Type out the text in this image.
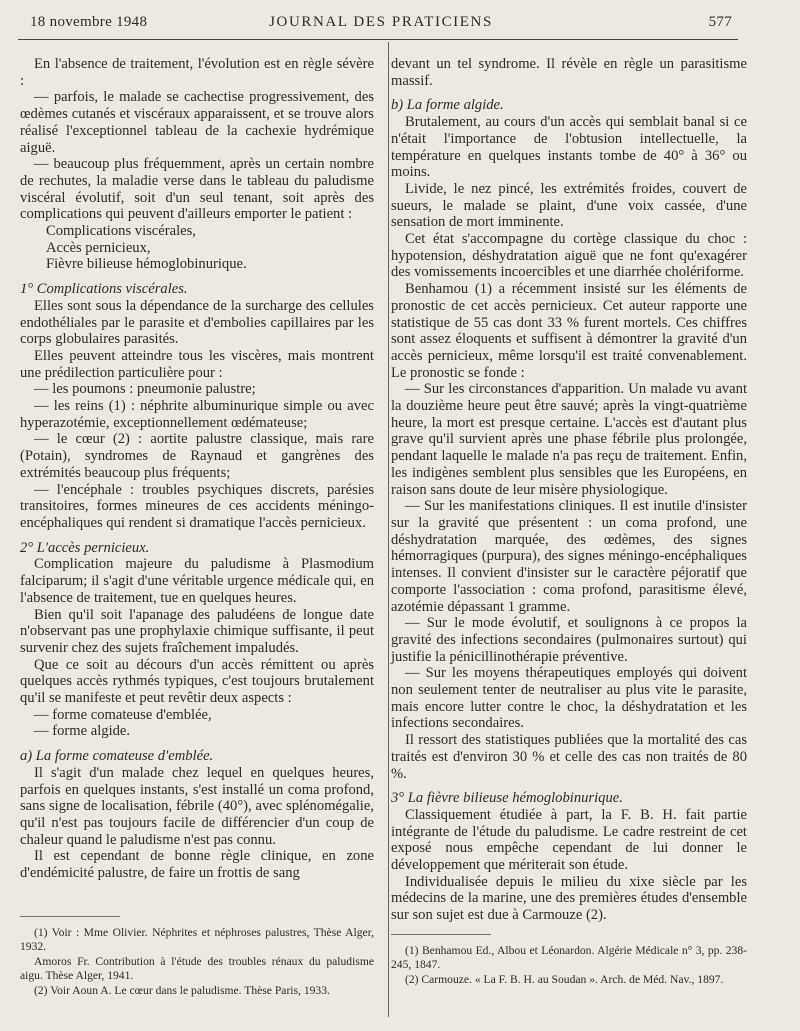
18 novembre 1948	JOURNAL DES PRATICIENS	577

En l'absence de traitement, l'évolution est en règle sévère :

— parfois, le malade se cachectise progressivement, des œdèmes cutanés et viscéraux apparaissent, et se trouve alors réalisé l'exceptionnel tableau de la cachexie hydrémique aiguë.

— beaucoup plus fréquemment, après un certain nombre de rechutes, la maladie verse dans le tableau du paludisme viscéral évolutif, soit d'un seul tenant, soit après des complications qui peuvent d'ailleurs emporter le patient :

Complications viscérales,

Accès pernicieux,

Fièvre bilieuse hémoglobinurique.

1° Complications viscérales.

Elles sont sous la dépendance de la surcharge des cellules endothéliales par le parasite et d'embolies capillaires par les corps globulaires parasités.

Elles peuvent atteindre tous les viscères, mais montrent une prédilection particulière pour :

— les poumons : pneumonie palustre;

— les reins (1) : néphrite albuminurique simple ou avec hyperazotémie, exceptionnellement œdémateuse;

— le cœur (2) : aortite palustre classique, mais rare (Potain), syndromes de Raynaud et gangrènes des extrémités beaucoup plus fréquents;

— l'encéphale : troubles psychiques discrets, parésies transitoires, formes mineures de ces accidents méningo-encéphaliques qui rendent si dramatique l'accès pernicieux.

2° L'accès pernicieux.

Complication majeure du paludisme à Plasmodium falciparum; il s'agit d'une véritable urgence médicale qui, en l'absence de traitement, tue en quelques heures.

Bien qu'il soit l'apanage des paludéens de longue date n'observant pas une prophylaxie chimique suffisante, il peut survenir chez des sujets fraîchement impaludés.

Que ce soit au décours d'un accès rémittent ou après quelques accès rythmés typiques, c'est toujours brutalement qu'il se manifeste et peut revêtir deux aspects :

— forme comateuse d'emblée,

— forme algide.

a) La forme comateuse d'emblée.

Il s'agit d'un malade chez lequel en quelques heures, parfois en quelques instants, s'est installé un coma profond, sans signe de localisation, fébrile (40°), avec splénomégalie, qu'il n'est pas toujours facile de différencier d'un coup de chaleur quand le paludisme n'est pas connu.

Il est cependant de bonne règle clinique, en zone d'endémicité palustre, de faire un frottis de sang

(1) Voir : Mme Olivier. Néphrites et néphroses palustres, Thèse Alger, 1932.

Amoros Fr. Contribution à l'étude des troubles rénaux du paludisme aigu. Thèse Alger, 1941.

(2) Voir Aoun A. Le cœur dans le paludisme. Thèse Paris, 1933.

devant un tel syndrome. Il révèle en règle un parasitisme massif.

b) La forme algide.

Brutalement, au cours d'un accès qui semblait banal si ce n'était l'importance de l'obtusion intellectuelle, la température en quelques instants tombe de 40° à 36° ou moins.

Livide, le nez pincé, les extrémités froides, couvert de sueurs, le malade se plaint, d'une voix cassée, d'une sensation de mort imminente.

Cet état s'accompagne du cortège classique du choc : hypotension, déshydratation aiguë que ne font qu'exagérer des vomissements incoercibles et une diarrhée cholériforme.

Benhamou (1) a récemment insisté sur les éléments de pronostic de cet accès pernicieux. Cet auteur rapporte une statistique de 55 cas dont 33 % furent mortels. Ces chiffres sont assez éloquents et suffisent à démontrer la gravité d'un accès pernicieux, même lorsqu'il est traité convenablement. Le pronostic se fonde :

— Sur les circonstances d'apparition. Un malade vu avant la douzième heure peut être sauvé; après la vingt-quatrième heure, la mort est presque certaine. L'accès est d'autant plus grave qu'il survient après une phase fébrile plus prolongée, pendant laquelle le malade n'a pas reçu de traitement. Enfin, les indigènes semblent plus sensibles que les Européens, en raison sans doute de leur misère physiologique.

— Sur les manifestations cliniques. Il est inutile d'insister sur la gravité que présentent : un coma profond, une déshydratation marquée, des œdèmes, des signes hémorragiques (purpura), des signes méningo-encéphaliques intenses. Il convient d'insister sur le caractère péjoratif que comporte l'association : coma profond, parasitisme élevé, azotémie dépassant 1 gramme.

— Sur le mode évolutif, et soulignons à ce propos la gravité des infections secondaires (pulmonaires surtout) qui justifie la pénicillinothérapie préventive.

— Sur les moyens thérapeutiques employés qui doivent non seulement tenter de neutraliser au plus vite le parasite, mais encore lutter contre le choc, la déshydratation et les infections secondaires.

Il ressort des statistiques publiées que la mortalité des cas traités est d'environ 30 % et celle des cas non traités de 80 %.

3° La fièvre bilieuse hémoglobinurique.

Classiquement étudiée à part, la F. B. H. fait partie intégrante de l'étude du paludisme. Le cadre restreint de cet exposé nous empêche cependant de lui donner le développement que mériterait son étude.

Individualisée depuis le milieu du xixe siècle par les médecins de la marine, une des premières études d'ensemble sur son sujet est due à Carmouze (2).

(1) Benhamou Ed., Albou et Léonardon. Algérie Médicale n° 3, pp. 238-245, 1847.

(2) Carmouze. « La F. B. H. au Soudan ». Arch. de Méd. Nav., 1897.
